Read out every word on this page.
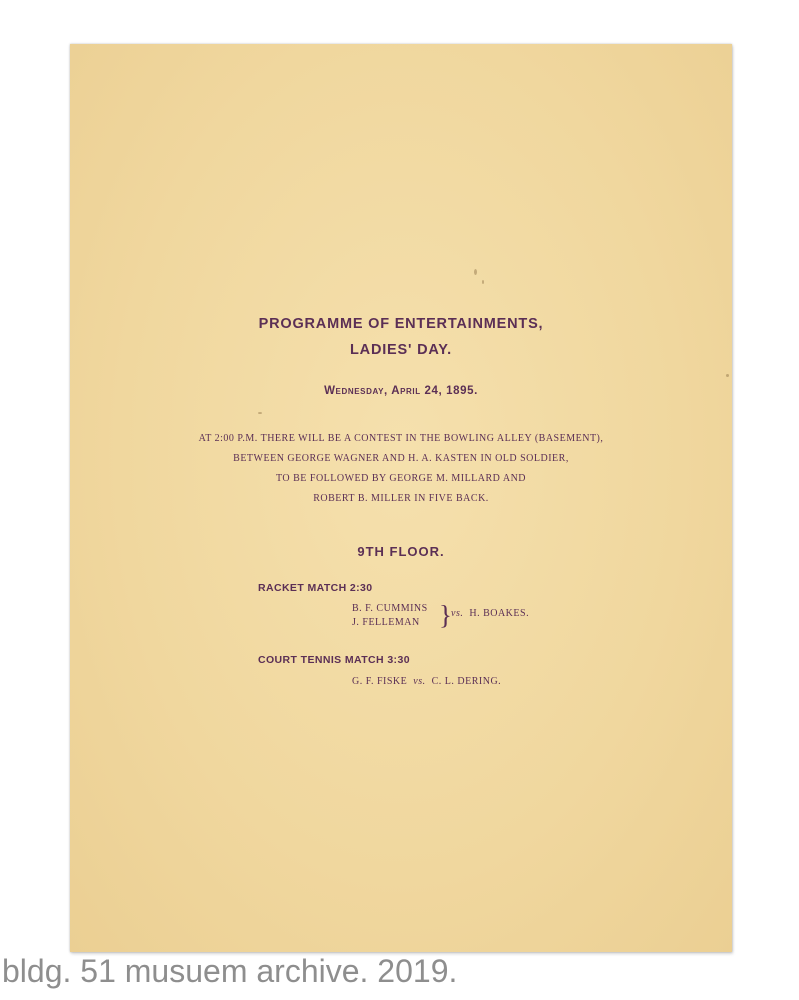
PROGRAMME OF ENTERTAINMENTS,
LADIES' DAY.
Wednesday, April 24, 1895.
AT 2:00 P.M. THERE WILL BE A CONTEST IN THE BOWLING ALLEY (BASEMENT),
BETWEEN GEORGE WAGNER AND H. A. KASTEN IN OLD SOLDIER,
TO BE FOLLOWED BY GEORGE M. MILLARD AND
ROBERT B. MILLER IN FIVE BACK.
9TH FLOOR.
RACKET MATCH 2:30
B. F. CUMMINS
J. FELLEMAN } vs. H. BOAKES.
COURT TENNIS MATCH 3:30
G. F. FISKE vs. C. L. DERING.
bldg. 51 musuem archive. 2019.
